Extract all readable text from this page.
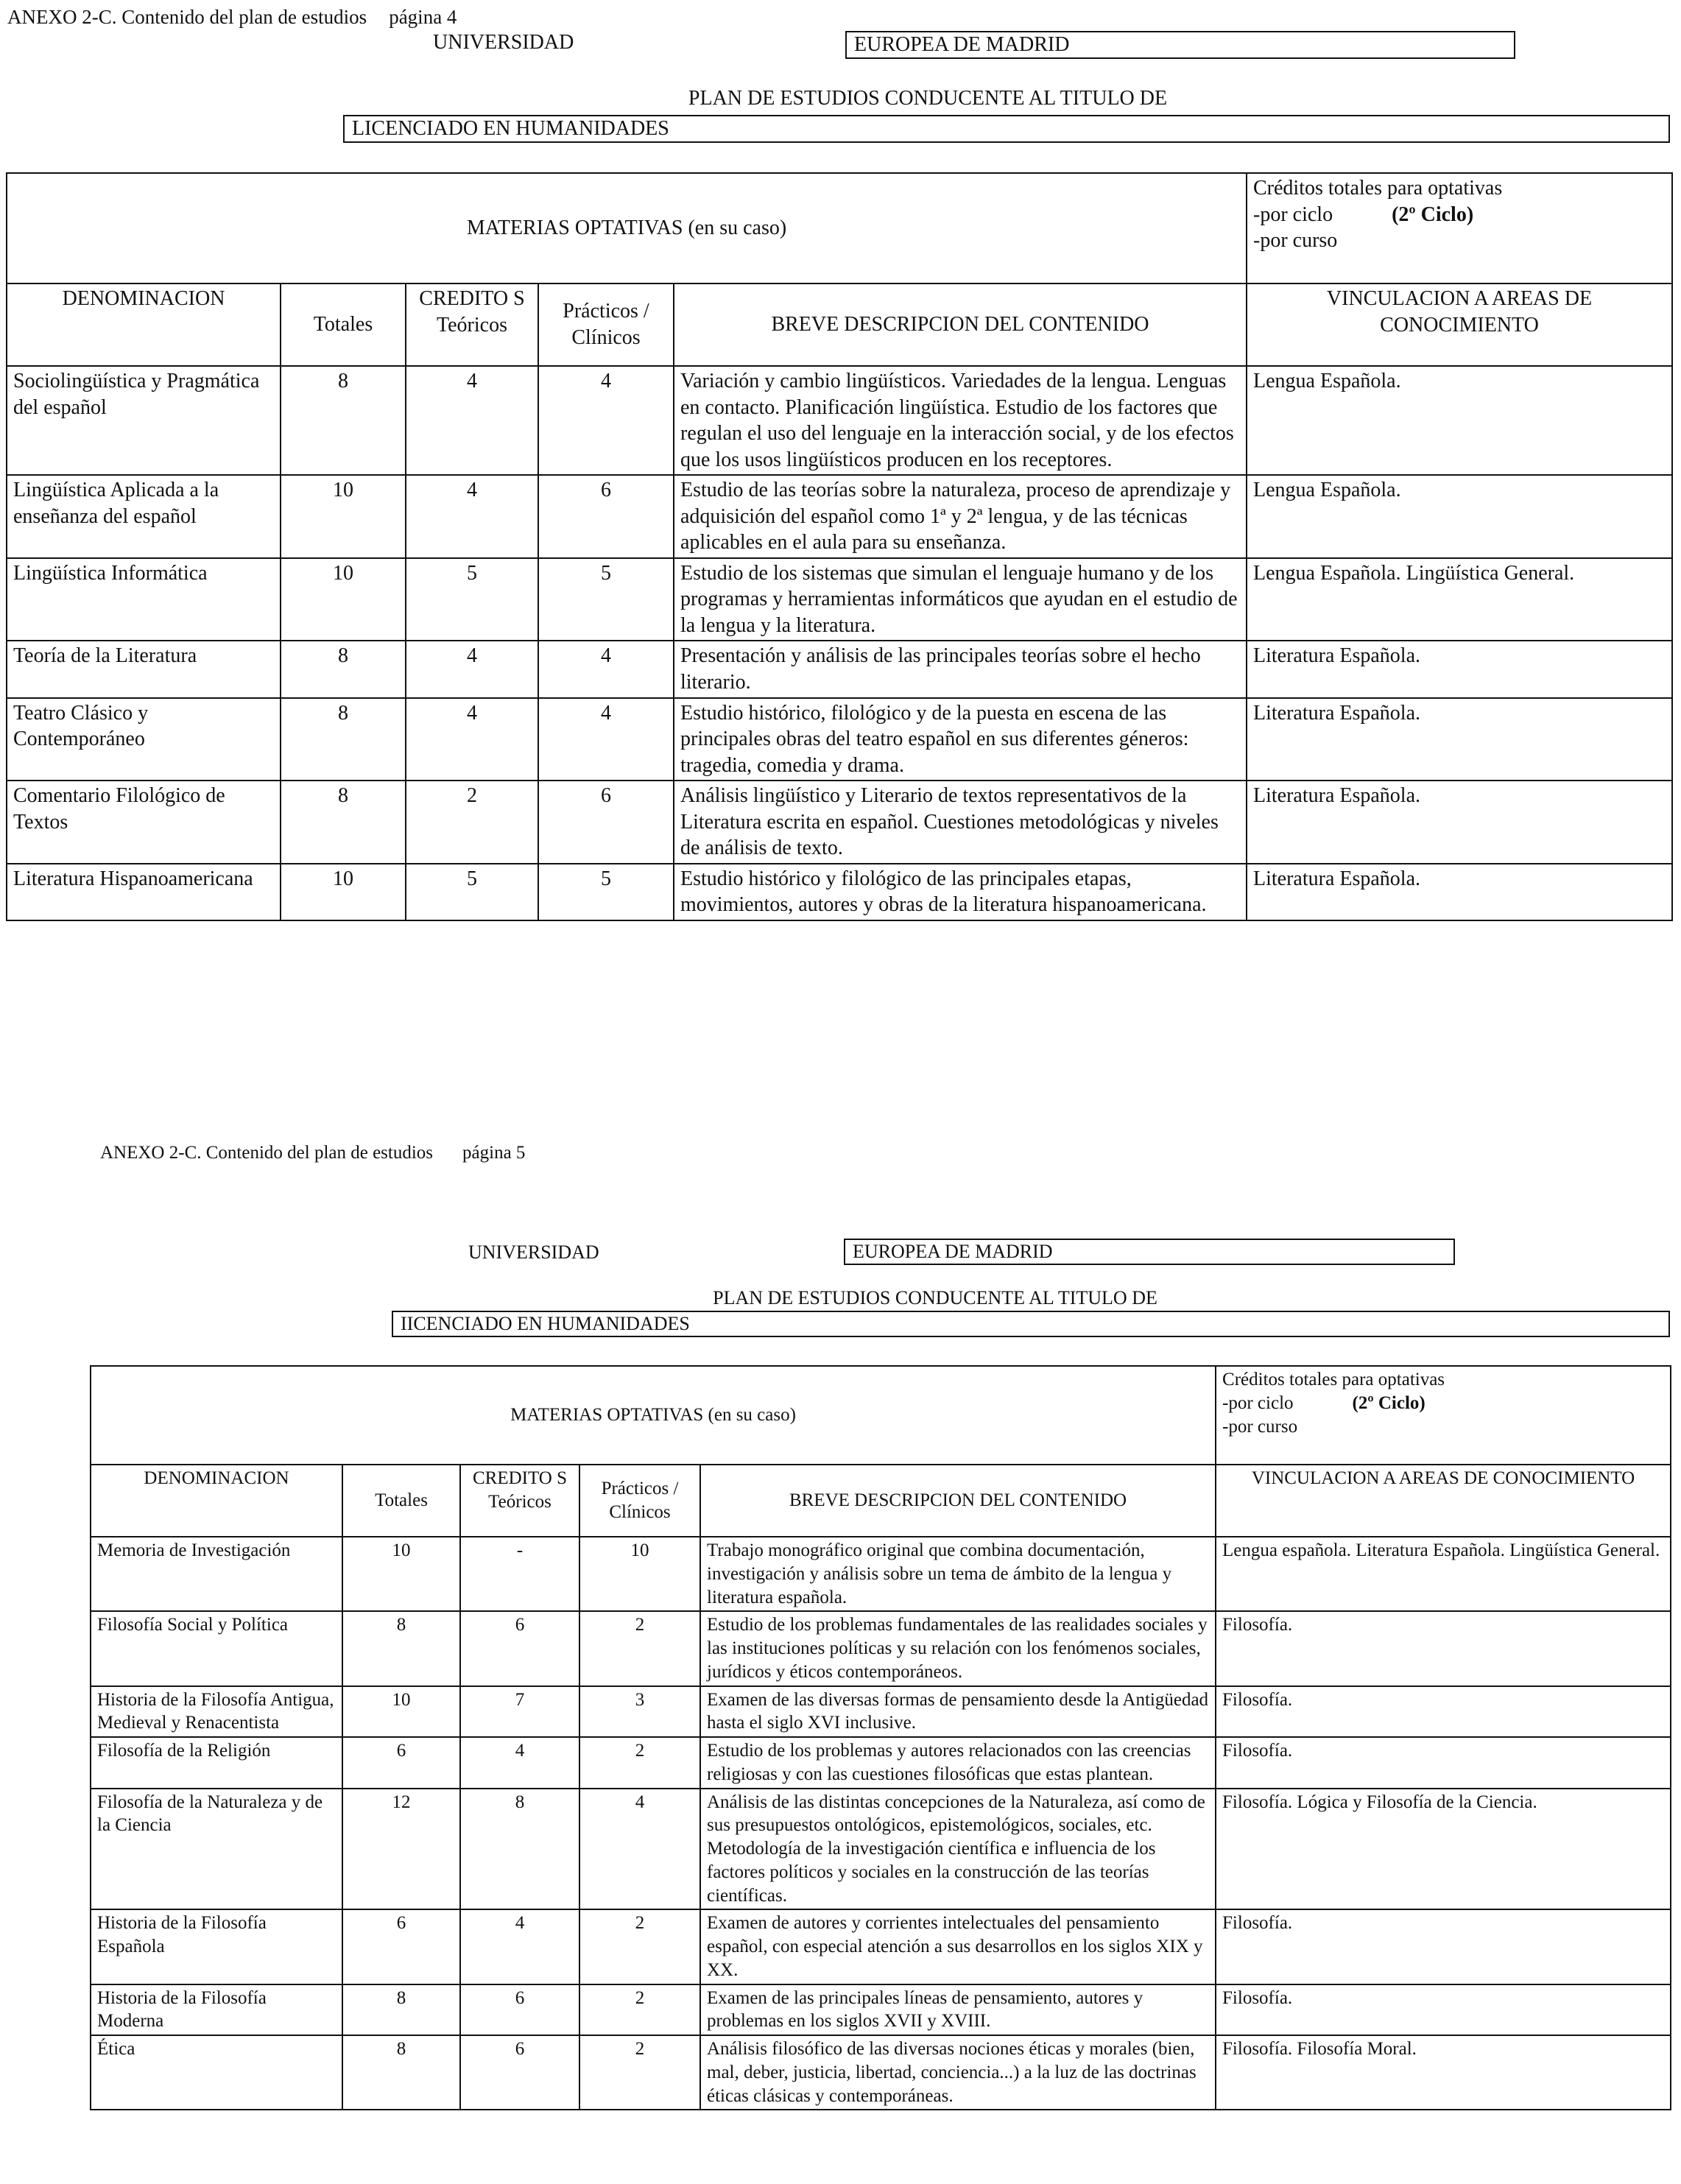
ANEXO 2-C. Contenido del plan de estudios página 4
UNIVERSIDAD	EUROPEA DE MADRID
PLAN DE ESTUDIOS CONDUCENTE AL TITULO DE
LICENCIADO EN HUMANIDADES
MATERIAS OPTATIVAS (en su caso)					Créditos totales para optativas
-por ciclo (2º Ciclo)
-por curso

DENOMINACION	Totales	CREDITO S Teóricos	Prácticos / Clínicos	BREVE DESCRIPCION DEL CONTENIDO	VINCULACION A AREAS DE CONOCIMIENTO
Sociolingüística y Pragmática del español	8	4	4	Variación y cambio lingüísticos. Variedades de la lengua. Lenguas en contacto. Planificación lingüística. Estudio de los factores que regulan el uso del lenguaje en la interacción social, y de los efectos que los usos lingüísticos producen en los receptores.	Lengua Española.
Lingüística Aplicada a la enseñanza del español	10	4	6	Estudio de las teorías sobre la naturaleza, proceso de aprendizaje y adquisición del español como 1ª y 2ª lengua, y de las técnicas aplicables en el aula para su enseñanza.	Lengua Española.
Lingüística Informática	10	5	5	Estudio de los sistemas que simulan el lenguaje humano y de los programas y herramientas informáticos que ayudan en el estudio de la lengua y la literatura.	Lengua Española. Lingüística General.
Teoría de la Literatura	8	4	4	Presentación y análisis de las principales teorías sobre el hecho literario.	Literatura Española.
Teatro Clásico y Contemporáneo	8	4	4	Estudio histórico, filológico y de la puesta en escena de las principales obras del teatro español en sus diferentes géneros: tragedia, comedia y drama.	Literatura Española.
Comentario Filológico de Textos	8	2	6	Análisis lingüístico y Literario de textos representativos de la Literatura escrita en español. Cuestiones metodológicas y niveles de análisis de texto.	Literatura Española.
Literatura Hispanoamericana	10	5	5	Estudio histórico y filológico de las principales etapas, movimientos, autores y obras de la literatura hispanoamericana.	Literatura Española.
ANEXO 2-C. Contenido del plan de estudios página 5
UNIVERSIDAD	EUROPEA DE MADRID
PLAN DE ESTUDIOS CONDUCENTE AL TITULO DE
IICENCIADO EN HUMANIDADES
MATERIAS OPTATIVAS (en su caso)					Créditos totales para optativas
-por ciclo (2º Ciclo)
-por curso

DENOMINACION	Totales	CREDITO S Teóricos	Prácticos / Clínicos	BREVE DESCRIPCION DEL CONTENIDO	VINCULACION A AREAS DE CONOCIMIENTO
Memoria de Investigación	10	-	10	Trabajo monográfico original que combina documentación, investigación y análisis sobre un tema de ámbito de la lengua y literatura española.	Lengua española. Literatura Española. Lingüística General.
Filosofía Social y Política	8	6	2	Estudio de los problemas fundamentales de las realidades sociales y las instituciones políticas y su relación con los fenómenos sociales, jurídicos y éticos contemporáneos.	Filosofía.
Historia de la Filosofía Antigua, Medieval y Renacentista	10	7	3	Examen de las diversas formas de pensamiento desde la Antigüedad hasta el siglo XVI inclusive.	Filosofía.
Filosofía de la Religión	6	4	2	Estudio de los problemas y autores relacionados con las creencias religiosas y con las cuestiones filosóficas que estas plantean.	Filosofía.
Filosofía de la Naturaleza y de la Ciencia	12	8	4	Análisis de las distintas concepciones de la Naturaleza, así como de sus presupuestos ontológicos, epistemológicos, sociales, etc. Metodología de la investigación científica e influencia de los factores políticos y sociales en la construcción de las teorías científicas.	Filosofía. Lógica y Filosofía de la Ciencia.
Historia de la Filosofía Española	6	4	2	Examen de autores y corrientes intelectuales del pensamiento español, con especial atención a sus desarrollos en los siglos XIX y XX.	Filosofía.
Historia de la Filosofía Moderna	8	6	2	Examen de las principales líneas de pensamiento, autores y problemas en los siglos XVII y XVIII.	Filosofía.
Ética	8	6	2	Análisis filosófico de las diversas nociones éticas y morales (bien, mal, deber, justicia, libertad, conciencia...) a la luz de las doctrinas éticas clásicas y contemporáneas.	Filosofía. Filosofía Moral.
